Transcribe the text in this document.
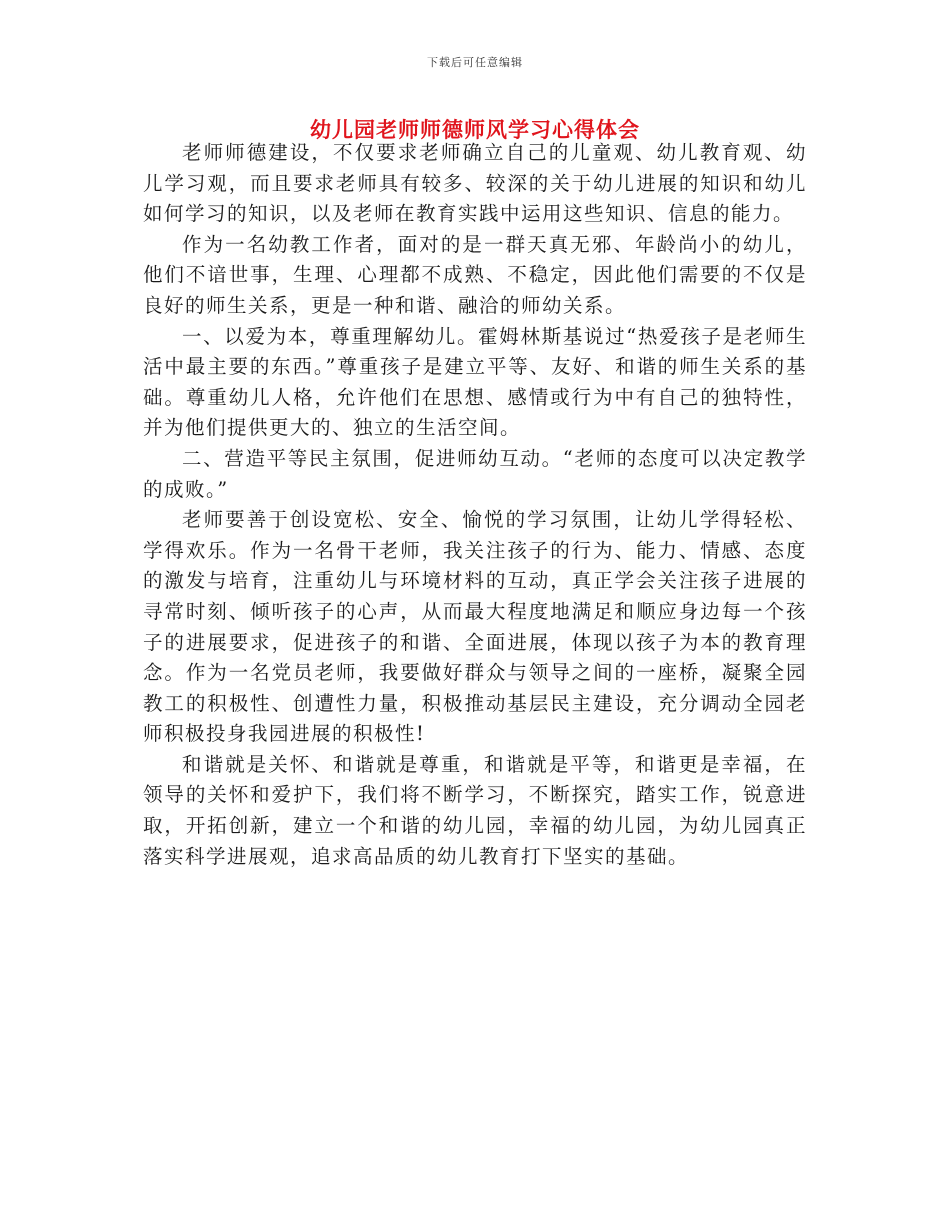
下载后可任意编辑
幼儿园老师师德师风学习心得体会

老师师德建设，不仅要求老师确立自己的儿童观、幼儿教育观、幼儿学习观，而且要求老师具有较多、较深的关于幼儿进展的知识和幼儿如何学习的知识，以及老师在教育实践中运用这些知识、信息的能力。

作为一名幼教工作者，面对的是一群天真无邪、年龄尚小的幼儿，他们不谙世事，生理、心理都不成熟、不稳定，因此他们需要的不仅是良好的师生关系，更是一种和谐、融洽的师幼关系。

一、以爱为本，尊重理解幼儿。霍姆林斯基说过“热爱孩子是老师生活中最主要的东西。”尊重孩子是建立平等、友好、和谐的师生关系的基础。尊重幼儿人格，允许他们在思想、感情或行为中有自己的独特性，并为他们提供更大的、独立的生活空间。

二、营造平等民主氛围，促进师幼互动。“老师的态度可以决定教学的成败。”

老师要善于创设宽松、安全、愉悦的学习氛围，让幼儿学得轻松、学得欢乐。作为一名骨干老师，我关注孩子的行为、能力、情感、态度的激发与培育，注重幼儿与环境材料的互动，真正学会关注孩子进展的寻常时刻、倾听孩子的心声，从而最大程度地满足和顺应身边每一个孩子的进展要求，促进孩子的和谐、全面进展，体现以孩子为本的教育理念。作为一名党员老师，我要做好群众与领导之间的一座桥，凝聚全园教工的积极性、创遭性力量，积极推动基层民主建设，充分调动全园老师积极投身我园进展的积极性!

和谐就是关怀、和谐就是尊重，和谐就是平等，和谐更是幸福，在领导的关怀和爱护下，我们将不断学习，不断探究，踏实工作，锐意进取，开拓创新，建立一个和谐的幼儿园，幸福的幼儿园，为幼儿园真正落实科学进展观，追求高品质的幼儿教育打下坚实的基础。
